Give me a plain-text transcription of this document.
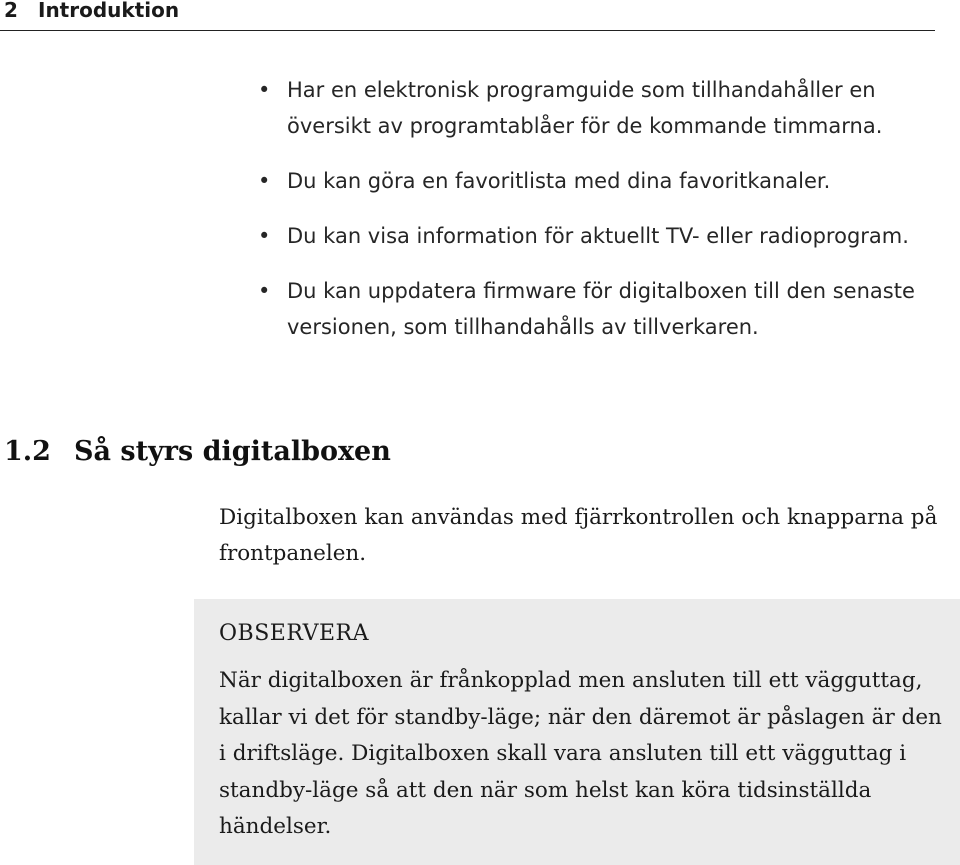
2 Introduktion
• Har en elektronisk programguide som tillhandahåller en översikt av programtablåer för de kommande timmarna.
• Du kan göra en favoritlista med dina favoritkanaler.
• Du kan visa information för aktuellt TV- eller radioprogram.
• Du kan uppdatera firmware för digitalboxen till den senaste versionen, som tillhandahålls av tillverkaren.
1.2 Så styrs digitalboxen

Digitalboxen kan användas med fjärrkontrollen och knapparna på frontpanelen.

OBSERVERA

När digitalboxen är frånkopplad men ansluten till ett vägguttag, kallar vi det för standby-läge; när den däremot är påslagen är den i driftsläge. Digitalboxen skall vara ansluten till ett vägguttag i standby-läge så att den när som helst kan köra tidsinställda händelser.
